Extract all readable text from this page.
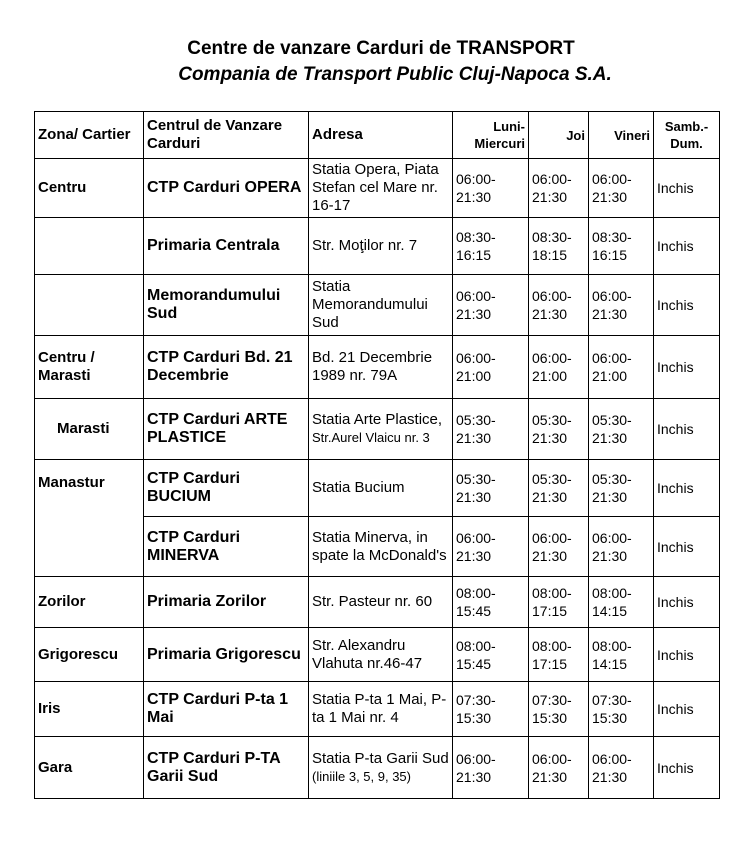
Centre de vanzare Carduri de TRANSPORT
Compania de Transport Public Cluj-Napoca S.A.
Zona/ Cartier	Centrul de Vanzare Carduri	Adresa	Luni-Miercuri	Joi	Vineri	Samb.-Dum.
Centru	CTP Carduri OPERA	Statia Opera, Piata Stefan cel Mare nr. 16-17	06:00-21:30	06:00-21:30	06:00-21:30	Inchis
	Primaria Centrala	Str. Moţilor nr. 7	08:30-16:15	08:30-18:15	08:30-16:15	Inchis
	Memorandumului Sud	Statia Memorandumului Sud	06:00-21:30	06:00-21:30	06:00-21:30	Inchis
Centru / Marasti	CTP Carduri Bd. 21 Decembrie	Bd. 21 Decembrie 1989 nr. 79A	06:00-21:00	06:00-21:00	06:00-21:00	Inchis
Marasti	CTP Carduri ARTE PLASTICE	Statia Arte Plastice, Str.Aurel Vlaicu nr. 3	05:30-21:30	05:30-21:30	05:30-21:30	Inchis
Manastur	CTP Carduri BUCIUM	Statia Bucium	05:30-21:30	05:30-21:30	05:30-21:30	Inchis
	CTP Carduri MINERVA	Statia Minerva, in spate la McDonald's	06:00-21:30	06:00-21:30	06:00-21:30	Inchis
Zorilor	Primaria Zorilor	Str. Pasteur nr. 60	08:00-15:45	08:00-17:15	08:00-14:15	Inchis
Grigorescu	Primaria Grigorescu	Str. Alexandru Vlahuta nr.46-47	08:00-15:45	08:00-17:15	08:00-14:15	Inchis
Iris	CTP Carduri P-ta 1 Mai	Statia P-ta 1 Mai, P-ta 1 Mai nr. 4	07:30-15:30	07:30-15:30	07:30-15:30	Inchis
Gara	CTP Carduri P-TA Garii Sud	Statia P-ta Garii Sud (liniile 3, 5, 9, 35)	06:00-21:30	06:00-21:30	06:00-21:30	Inchis
